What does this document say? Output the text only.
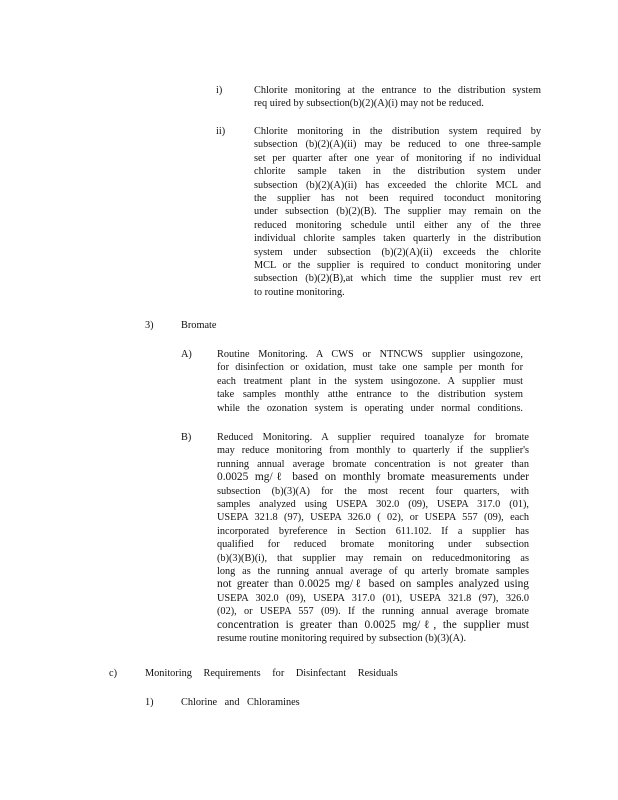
i)	Chlorite monitoring at the entrance to the distribution system
req uired by subsection(b)(2)(A)(i) may not be reduced.
ii)	Chlorite monitoring in the distribution system required by
subsection (b)(2)(A)(ii) may be reduced to one three-sample
set per quarter after one year of monitoring if no individual
chlorite sample taken in the distribution system under
subsection (b)(2)(A)(ii) has exceeded the chlorite MCL and
the supplier has not been required toconduct monitoring
under subsection (b)(2)(B). The supplier may remain on the
reduced monitoring schedule until either any of the three
individual chlorite samples taken quarterly in the distribution
system under subsection (b)(2)(A)(ii) exceeds the chlorite
MCL or the supplier is required to conduct monitoring under
subsection (b)(2)(B),at which time the supplier must rev ert
to routine monitoring.
3)	Bromate
A) Routine Monitoring. A CWS or NTNCWS supplier usingozone,
for disinfection or oxidation, must take one sample per month for
each treatment plant in the system usingozone. A supplier must
take samples monthly atthe entrance to the distribution system
while the ozonation system is operating under normal conditions.
B) Reduced Monitoring. A supplier required toanalyze for bromate
may reduce monitoring from monthly to quarterly if the supplier's
running annual average bromate concentration is not greater than
0.0025 mg/ℓ based on monthly bromate measurements under
subsection (b)(3)(A) for the most recent four quarters, with
samples analyzed using USEPA 302.0 (09), USEPA 317.0 (01),
USEPA 321.8 (97), USEPA 326.0 ( 02), or USEPA 557 (09), each
incorporated byreference in Section 611.102. If a supplier has
qualified for reduced bromate monitoring under subsection
(b)(3)(B)(i), that supplier may remain on reducedmonitoring as
long as the running annual average of qu arterly bromate samples
not greater than 0.0025 mg/ℓ based on samples analyzed using
USEPA 302.0 (09), USEPA 317.0 (01), USEPA 321.8 (97), 326.0
(02), or USEPA 557 (09). If the running annual average bromate
concentration is greater than 0.0025 mg/ℓ, the supplier must
resume routine monitoring required by subsection (b)(3)(A).
c)	Monitoring Requirements for Disinfectant Residuals
1)	Chlorine and Chloramines
